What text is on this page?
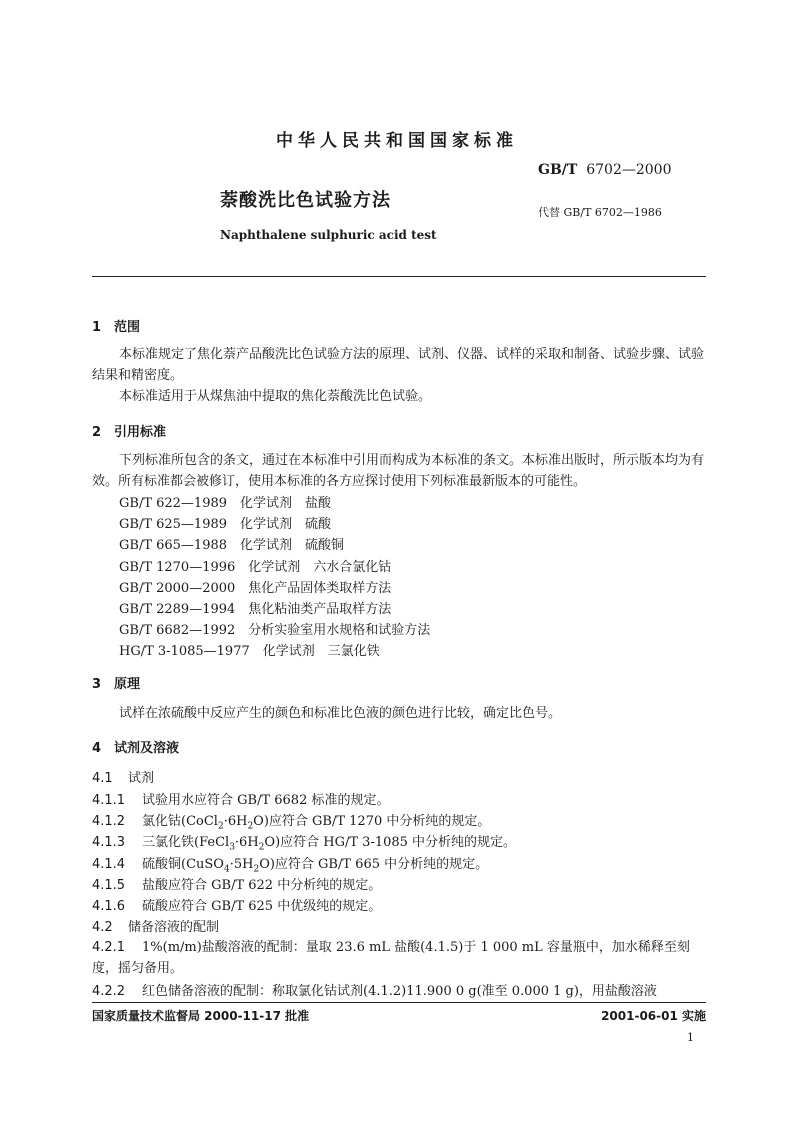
中华人民共和国国家标准
GB/T 6702—2000
代替 GB/T 6702—1986
萘酸洗比色试验方法
Naphthalene sulphuric acid test
1　范围
本标准规定了焦化萘产品酸洗比色试验方法的原理、试剂、仪器、试样的采取和制备、试验步骤、试验结果和精密度。
本标准适用于从煤焦油中提取的焦化萘酸洗比色试验。
2　引用标准
下列标准所包含的条文，通过在本标准中引用而构成为本标准的条文。本标准出版时，所示版本均为有效。所有标准都会被修订，使用本标准的各方应探讨使用下列标准最新版本的可能性。
GB/T 622—1989　化学试剂　盐酸
GB/T 625—1989　化学试剂　硫酸
GB/T 665—1988　化学试剂　硫酸铜
GB/T 1270—1996　化学试剂　六水合氯化钴
GB/T 2000—2000　焦化产品固体类取样方法
GB/T 2289—1994　焦化粘油类产品取样方法
GB/T 6682—1992　分析实验室用水规格和试验方法
HG/T 3-1085—1977　化学试剂　三氯化铁
3　原理
试样在浓硫酸中反应产生的颜色和标准比色液的颜色进行比较，确定比色号。
4　试剂及溶液
4.1 试剂
4.1.1 试验用水应符合 GB/T 6682 标准的规定。
4.1.2 氯化钴$(CoCl_2\cdot 6H_2O)$应符合 GB/T 1270 中分析纯的规定。
4.1.3 三氯化铁$(FeCl_3\cdot 6H_2O)$应符合 HG/T 3-1085 中分析纯的规定。
4.1.4 硫酸铜$(CuSO_4\cdot 5H_2O)$应符合 GB/T 665 中分析纯的规定。
4.1.5 盐酸应符合 GB/T 622 中分析纯的规定。
4.1.6 硫酸应符合 GB/T 625 中优级纯的规定。
4.2 储备溶液的配制
4.2.1 1%(m/m)盐酸溶液的配制：量取 23.6 mL 盐酸(4.1.5)于 1 000 mL 容量瓶中，加水稀释至刻度，摇匀备用。
4.2.2 红色储备溶液的配制：称取氯化钴试剂(4.1.2)11.900 0 g(准至 0.000 1 g)，用盐酸溶液
国家质量技术监督局 2000-11-17 批准	2001-06-01 实施
1
